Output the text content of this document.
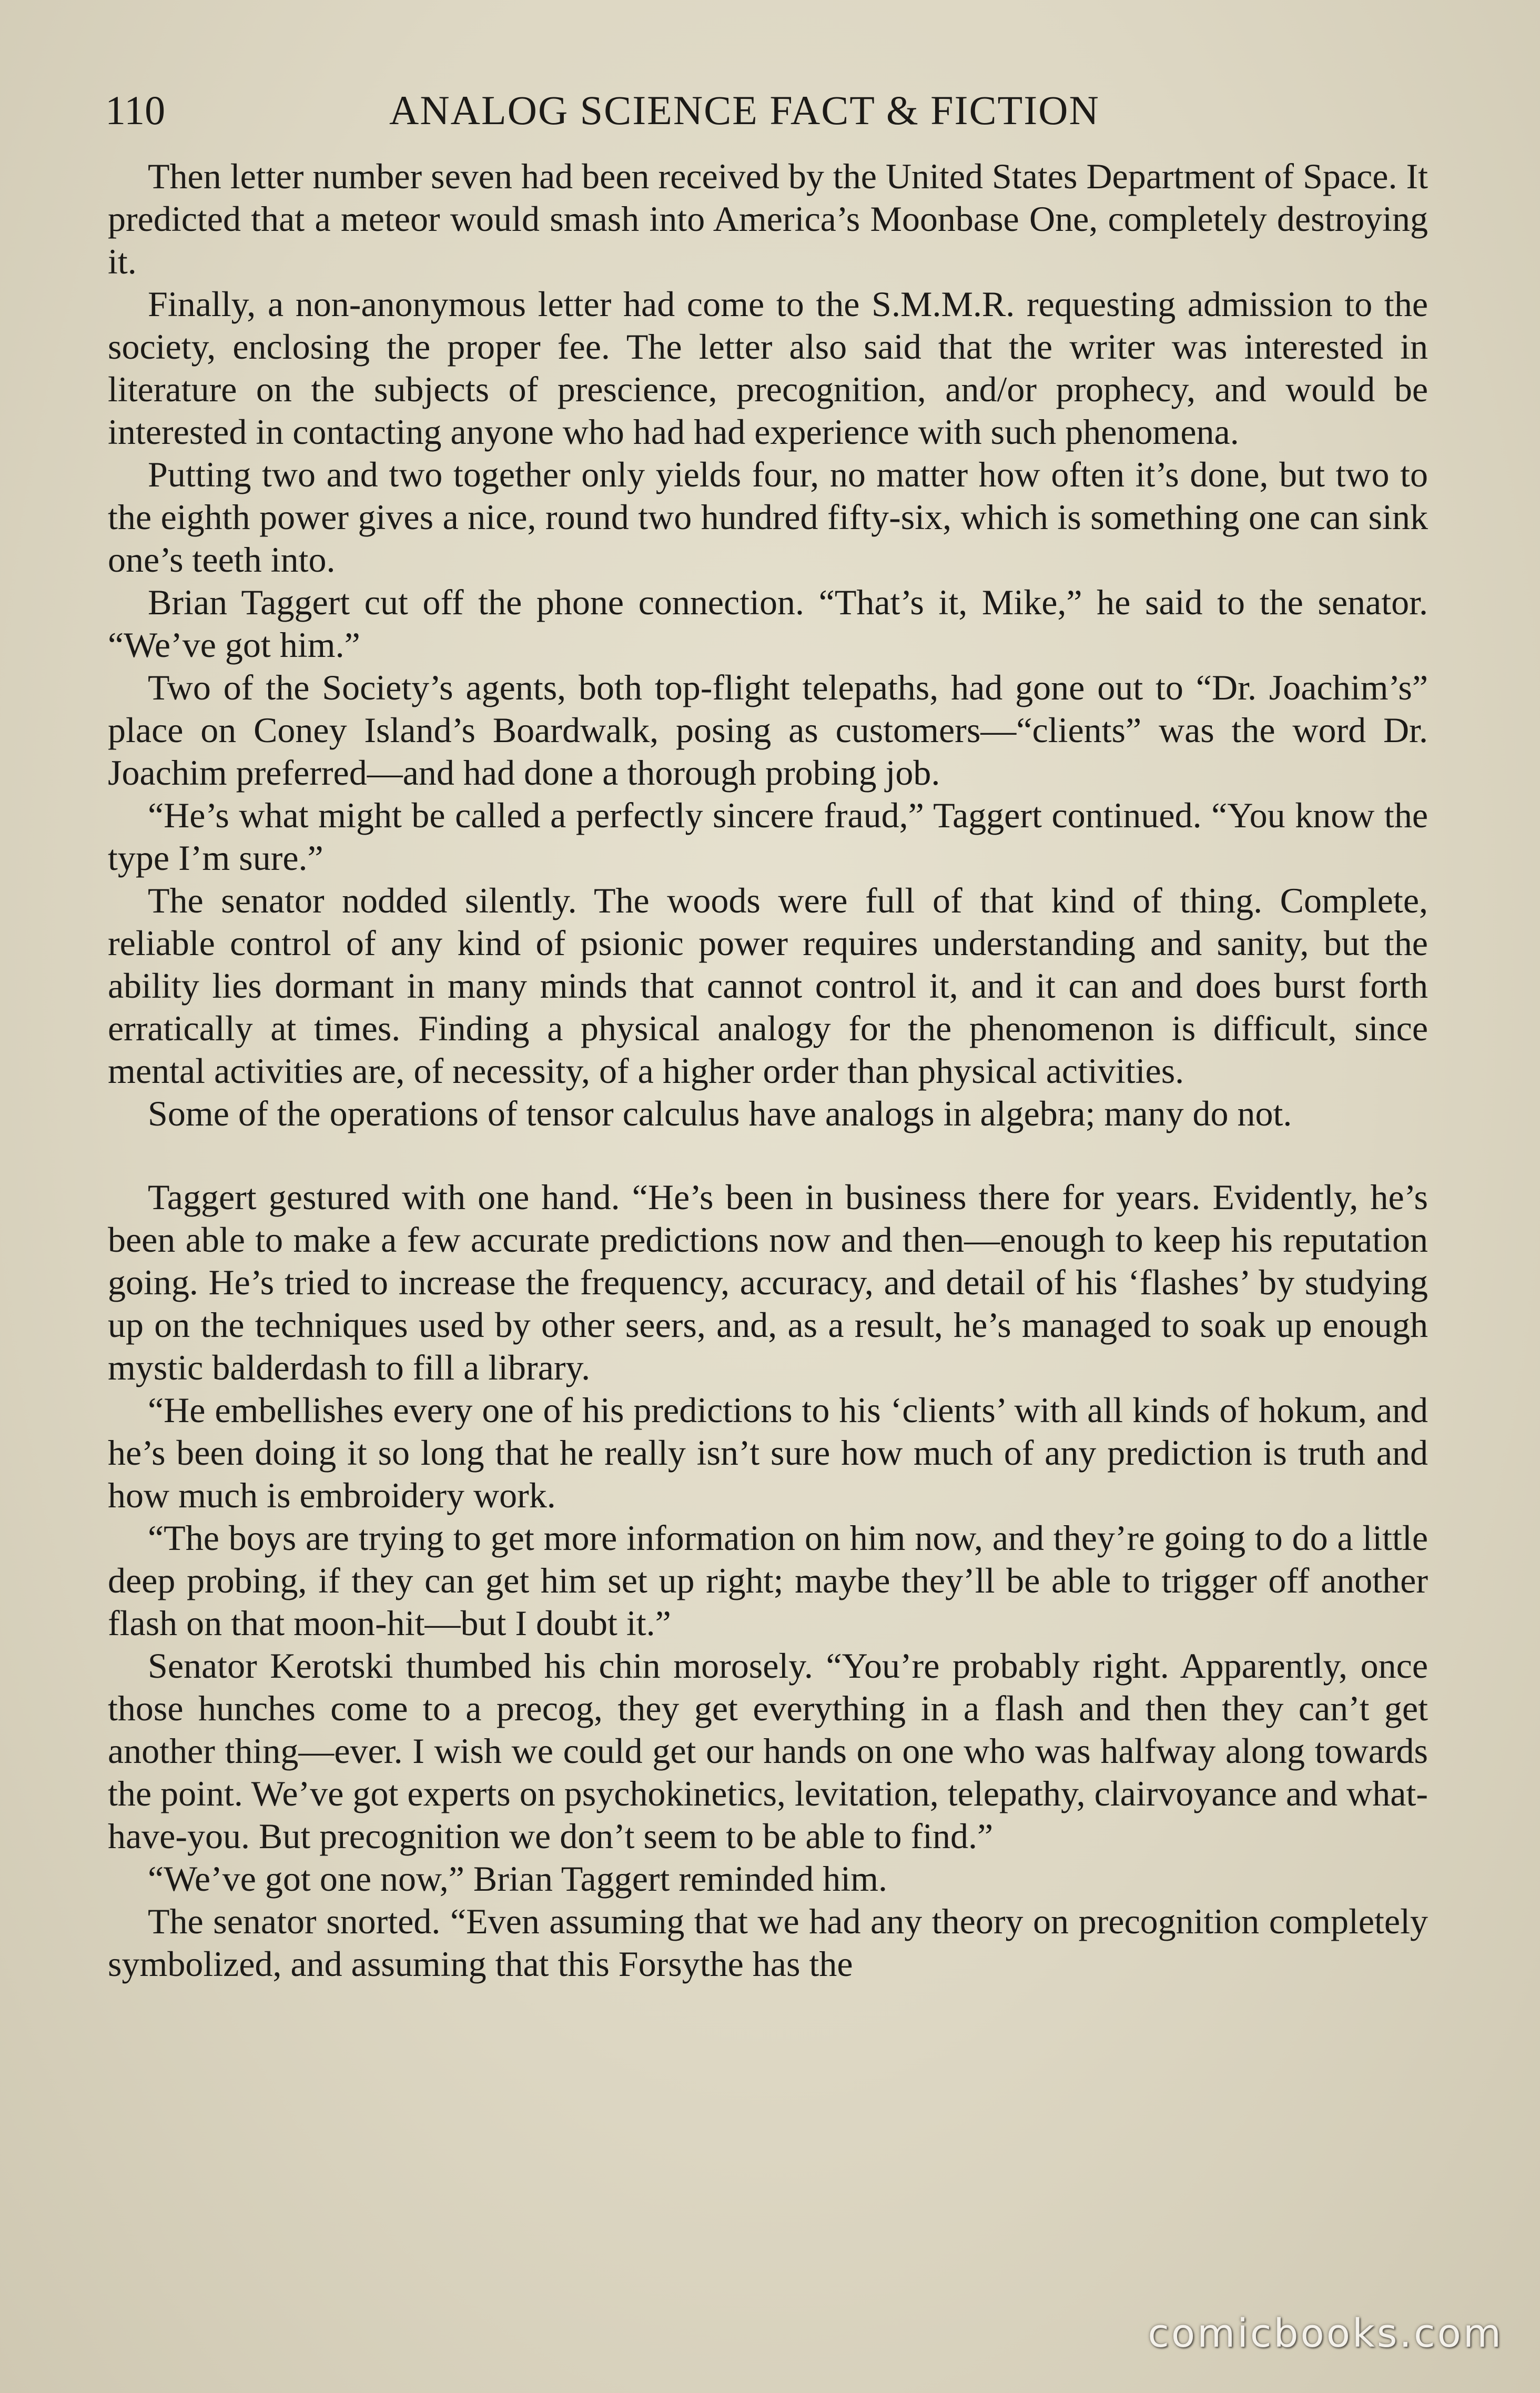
110	ANALOG SCIENCE FACT & FICTION

Then letter number seven had been received by the United States Department of Space. It predicted that a meteor would smash into America’s Moonbase One, completely destroying it.

Finally, a non-anonymous letter had come to the S.M.M.R. requesting admission to the society, enclosing the proper fee. The letter also said that the writer was interested in literature on the subjects of prescience, precognition, and/or prophecy, and would be interested in contacting anyone who had had experience with such phenomena.

Putting two and two together only yields four, no matter how often it’s done, but two to the eighth power gives a nice, round two hundred fifty-six, which is something one can sink one’s teeth into.

Brian Taggert cut off the phone connection. “That’s it, Mike,” he said to the senator. “We’ve got him.”

Two of the Society’s agents, both top-flight telepaths, had gone out to “Dr. Joachim’s” place on Coney Island’s Boardwalk, posing as customers—“clients” was the word Dr. Joachim preferred—and had done a thorough probing job.

“He’s what might be called a perfectly sincere fraud,” Taggert continued. “You know the type I’m sure.”

The senator nodded silently. The woods were full of that kind of thing. Complete, reliable control of any kind of psionic power requires understanding and sanity, but the ability lies dormant in many minds that cannot control it, and it can and does burst forth erratically at times. Finding a physical analogy for the phenomenon is difficult, since mental activities are, of necessity, of a higher order than physical activities.

Some of the operations of tensor calculus have analogs in algebra; many do not.

Taggert gestured with one hand. “He’s been in business there for years. Evidently, he’s been able to make a few accurate predictions now and then—enough to keep his reputation going. He’s tried to increase the frequency, accuracy, and detail of his ‘flashes’ by studying up on the techniques used by other seers, and, as a result, he’s managed to soak up enough mystic balderdash to fill a library.

“He embellishes every one of his predictions to his ‘clients’ with all kinds of hokum, and he’s been doing it so long that he really isn’t sure how much of any prediction is truth and how much is embroidery work.

“The boys are trying to get more information on him now, and they’re going to do a little deep probing, if they can get him set up right; maybe they’ll be able to trigger off another flash on that moon-hit—but I doubt it.”

Senator Kerotski thumbed his chin morosely. “You’re probably right. Apparently, once those hunches come to a precog, they get everything in a flash and then they can’t get another thing—ever. I wish we could get our hands on one who was halfway along towards the point. We’ve got experts on psychokinetics, levitation, telepathy, clairvoyance and what-have-you. But precognition we don’t seem to be able to find.”

“We’ve got one now,” Brian Taggert reminded him.

The senator snorted. “Even assuming that we had any theory on precognition completely symbolized, and assuming that this Forsythe has the

comicbooks.com
